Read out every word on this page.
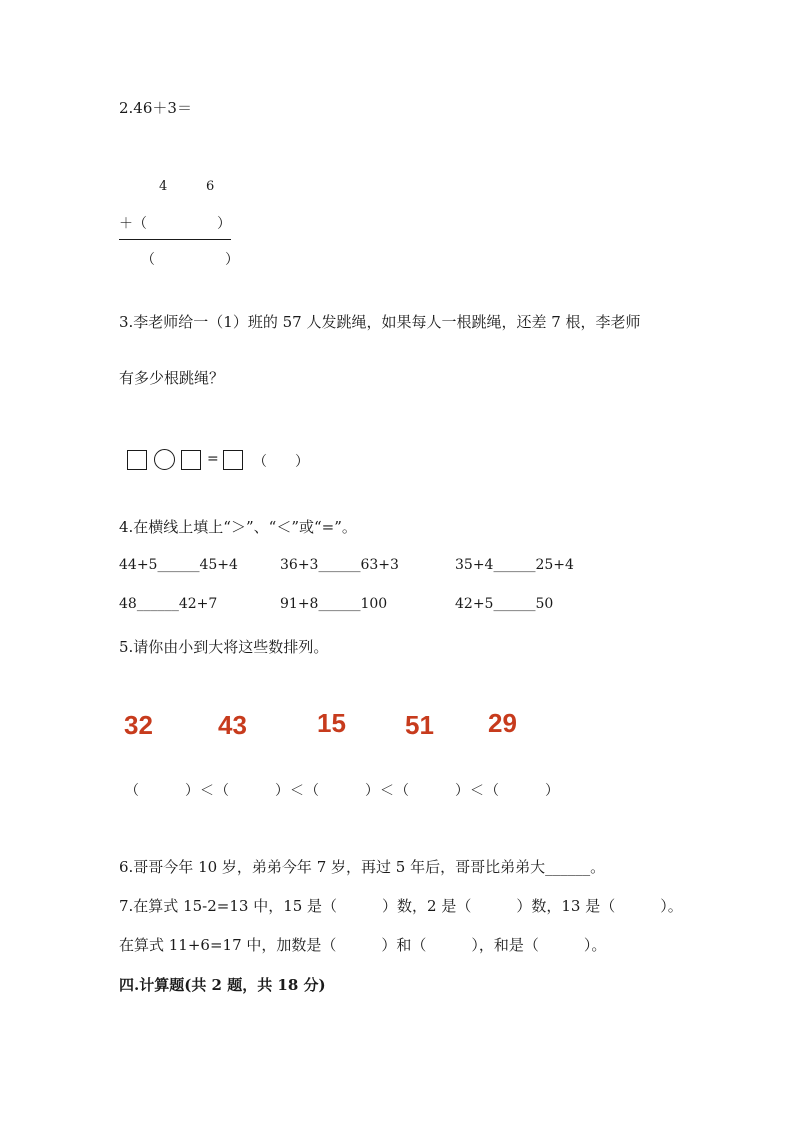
2.46＋3＝
4	6
＋（　　　　　）
（　　　　　）
3.李老师给一（1）班的 57 人发跳绳，如果每人一根跳绳，还差 7 根，李老师
有多少根跳绳？
= （　　）
4.在横线上填上“＞”、“＜”或“=”。
44+5______45+4	36+3______63+3	35+4______25+4
48______42+7	91+8______100	42+5______50
5.请你由小到大将这些数排列。
32	43	15 51 29
（　　　）＜（　　　）＜（　　　）＜（　　　）＜（　　　）
6.哥哥今年 10 岁，弟弟今年 7 岁，再过 5 年后，哥哥比弟弟大______。
7.在算式 15-2=13 中，15 是（　　　）数，2 是（　　　）数，13 是（　　　）。
在算式 11+6=17 中，加数是（　　　）和（　　　），和是（　　　）。
四.计算题(共 2 题，共 18 分)
